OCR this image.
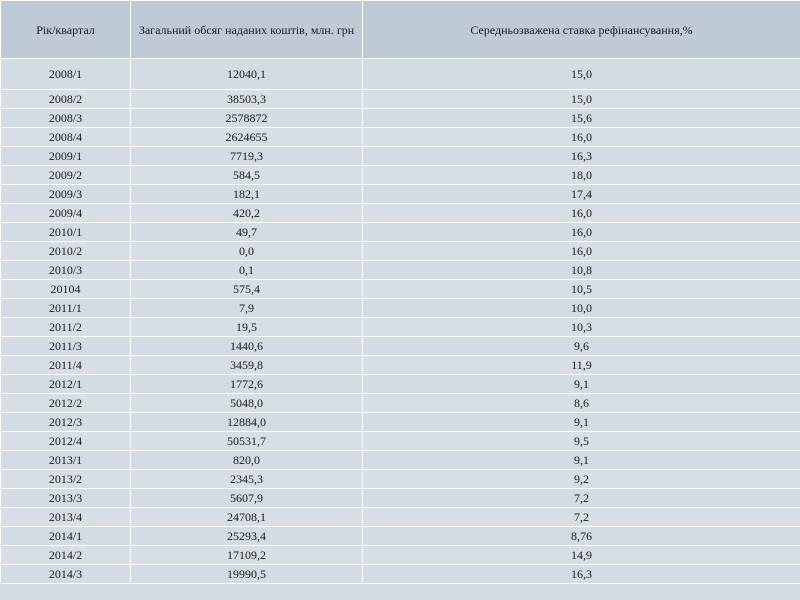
Рік/квартал	Загальний обсяг наданих коштів, млн. грн	Середньозважена ставка рефінансування,%
2008/1	12040,1	15,0
2008/2	38503,3	15,0
2008/3	2578872	15,6
2008/4	2624655	16,0
2009/1	7719,3	16,3
2009/2	584,5	18,0
2009/3	182,1	17,4
2009/4	420,2	16,0
2010/1	49,7	16,0
2010/2	0,0	16,0
2010/3	0,1	10,8
20104	575,4	10,5
2011/1	7,9	10,0
2011/2	19,5	10,3
2011/3	1440,6	9,6
2011/4	3459,8	11,9
2012/1	1772,6	9,1
2012/2	5048,0	8,6
2012/3	12884,0	9,1
2012/4	50531,7	9,5
2013/1	820,0	9,1
2013/2	2345,3	9,2
2013/3	5607,9	7,2
2013/4	24708,1	7,2
2014/1	25293,4	8,76
2014/2	17109,2	14,9
2014/3	19990,5	16,3
